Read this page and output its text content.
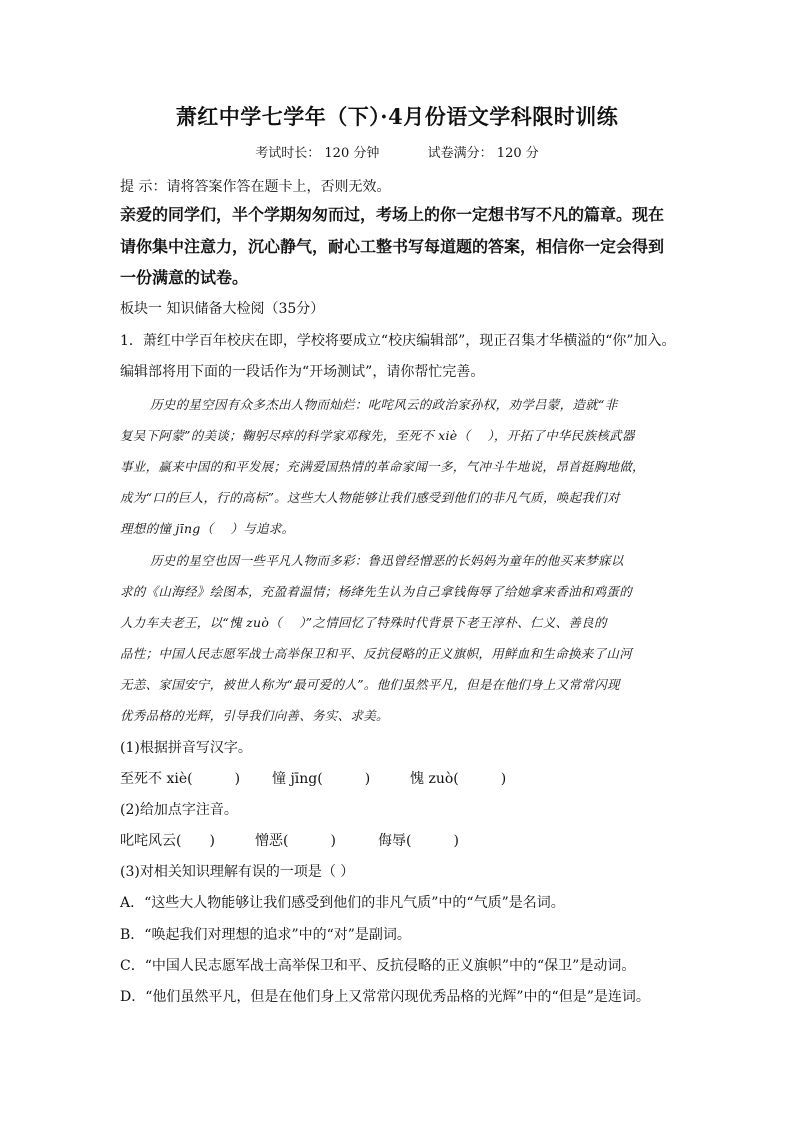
萧红中学七学年（下）·4月份语文学科限时训练
考试时长： 120 分钟	试卷满分： 120 分
提 示：请将答案作答在题卡上，否则无效。
亲爱的同学们，半个学期匆匆而过，考场上的你一定想书写不凡的篇章。现在
请你集中注意力，沉心静气，耐心工整书写每道题的答案，相信你一定会得到
一份满意的试卷。
板块一 知识储备大检阅（35分）
1．萧红中学百年校庆在即，学校将要成立“校庆编辑部”，现正召集才华横溢的“你”加入。
编辑部将用下面的一段话作为“开场测试”，请你帮忙完善。
历史的星空因有众多杰出人物而灿烂：叱咤风云的政治家孙权，劝学吕蒙，造就“非
复吴下阿蒙”的美谈；鞠躬尽瘁的科学家邓稼先，至死不 xiè（　 ），开拓了中华民族核武器
事业，赢来中国的和平发展；充满爱国热情的革命家闻一多，气冲斗牛地说，昂首挺胸地做，
成为“口的巨人，行的高标”。这些大人物能够让我们感受到他们的非凡气质，唤起我们对
理想的憧 jīng（　 ）与追求。
历史的星空也因一些平凡人物而多彩：鲁迅曾经憎恶的长妈妈为童年的他买来梦寐以
求的《山海经》绘图本，充盈着温情；杨绛先生认为自己拿钱侮辱了给她拿来香油和鸡蛋的
人力车夫老王，以“愧 zuò（　 ）”之情回忆了特殊时代背景下老王淳朴、仁义、善良的
品性；中国人民志愿军战士高举保卫和平、反抗侵略的正义旗帜，用鲜血和生命换来了山河
无恙、家国安宁，被世人称为“最可爱的人”。他们虽然平凡，但是在他们身上又常常闪现
优秀品格的光辉，引导我们向善、务实、求美。
(1)根据拼音写汉字。
至死不 xiè(　　　) 憧 jīng(　　　)	愧 zuò(　　　)
(2)给加点字注音。
叱咤风云(　　)	憎恶(　　　)	侮辱(　　　)
(3)对相关知识理解有误的一项是（ ）
A．“这些大人物能够让我们感受到他们的非凡气质”中的“气质”是名词。
B．“唤起我们对理想的追求”中的“对”是副词。
C．“中国人民志愿军战士高举保卫和平、反抗侵略的正义旗帜”中的“保卫”是动词。
D．“他们虽然平凡，但是在他们身上又常常闪现优秀品格的光辉”中的“但是”是连词。
